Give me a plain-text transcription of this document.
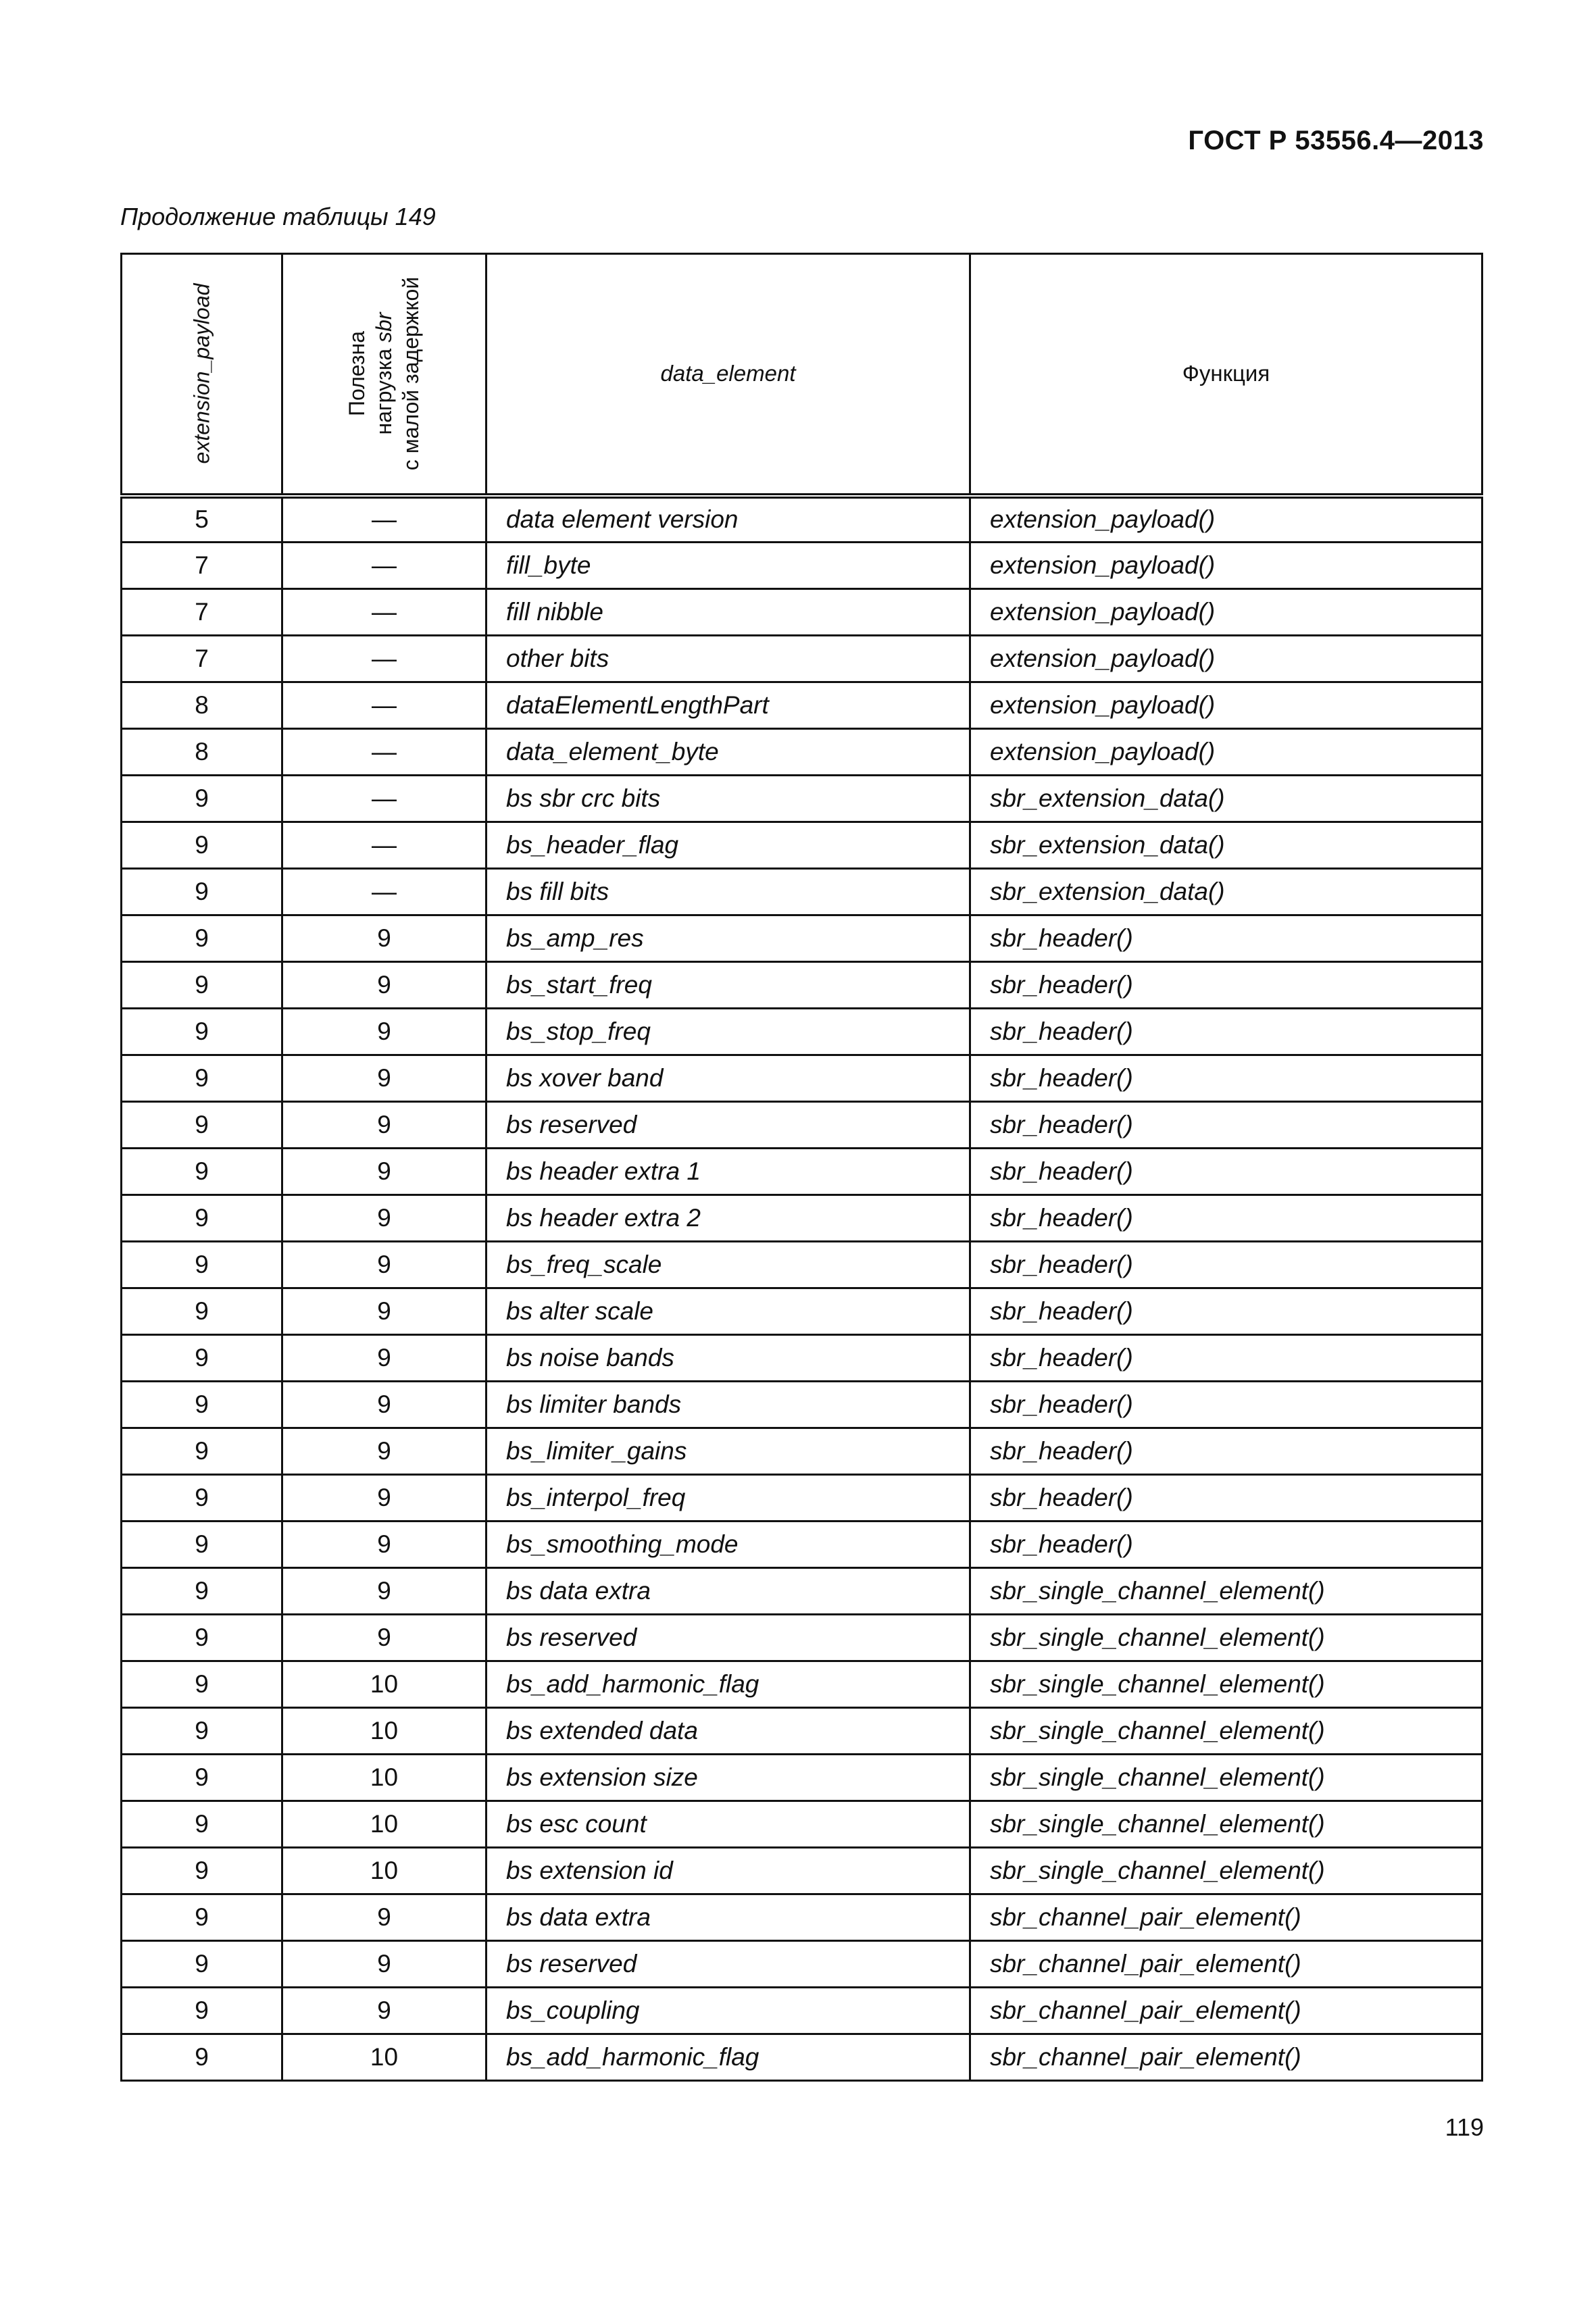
ГОСТ Р 53556.4—2013
Продолжение таблицы 149
extension_payload	Полезна нагрузка sbr с малой задержкой	data_element	Функция

5	—	data element version	extension_payload()
7	—	fill_byte	extension_payload()
7	—	fill nibble	extension_payload()
7	—	other bits	extension_payload()
8	—	dataElementLengthPart	extension_payload()
8	—	data_element_byte	extension_payload()
9	—	bs sbr crc bits	sbr_extension_data()
9	—	bs_header_flag	sbr_extension_data()
9	—	bs fill bits	sbr_extension_data()
9	9	bs_amp_res	sbr_header()
9	9	bs_start_freq	sbr_header()
9	9	bs_stop_freq	sbr_header()
9	9	bs xover band	sbr_header()
9	9	bs reserved	sbr_header()
9	9	bs header extra 1	sbr_header()
9	9	bs header extra 2	sbr_header()
9	9	bs_freq_scale	sbr_header()
9	9	bs alter scale	sbr_header()
9	9	bs noise bands	sbr_header()
9	9	bs limiter bands	sbr_header()
9	9	bs_limiter_gains	sbr_header()
9	9	bs_interpol_freq	sbr_header()
9	9	bs_smoothing_mode	sbr_header()
9	9	bs data extra	sbr_single_channel_element()
9	9	bs reserved	sbr_single_channel_element()
9	10	bs_add_harmonic_flag	sbr_single_channel_element()
9	10	bs extended data	sbr_single_channel_element()
9	10	bs extension size	sbr_single_channel_element()
9	10	bs esc count	sbr_single_channel_element()
9	10	bs extension id	sbr_single_channel_element()
9	9	bs data extra	sbr_channel_pair_element()
9	9	bs reserved	sbr_channel_pair_element()
9	9	bs_coupling	sbr_channel_pair_element()
9	10	bs_add_harmonic_flag	sbr_channel_pair_element()
119
